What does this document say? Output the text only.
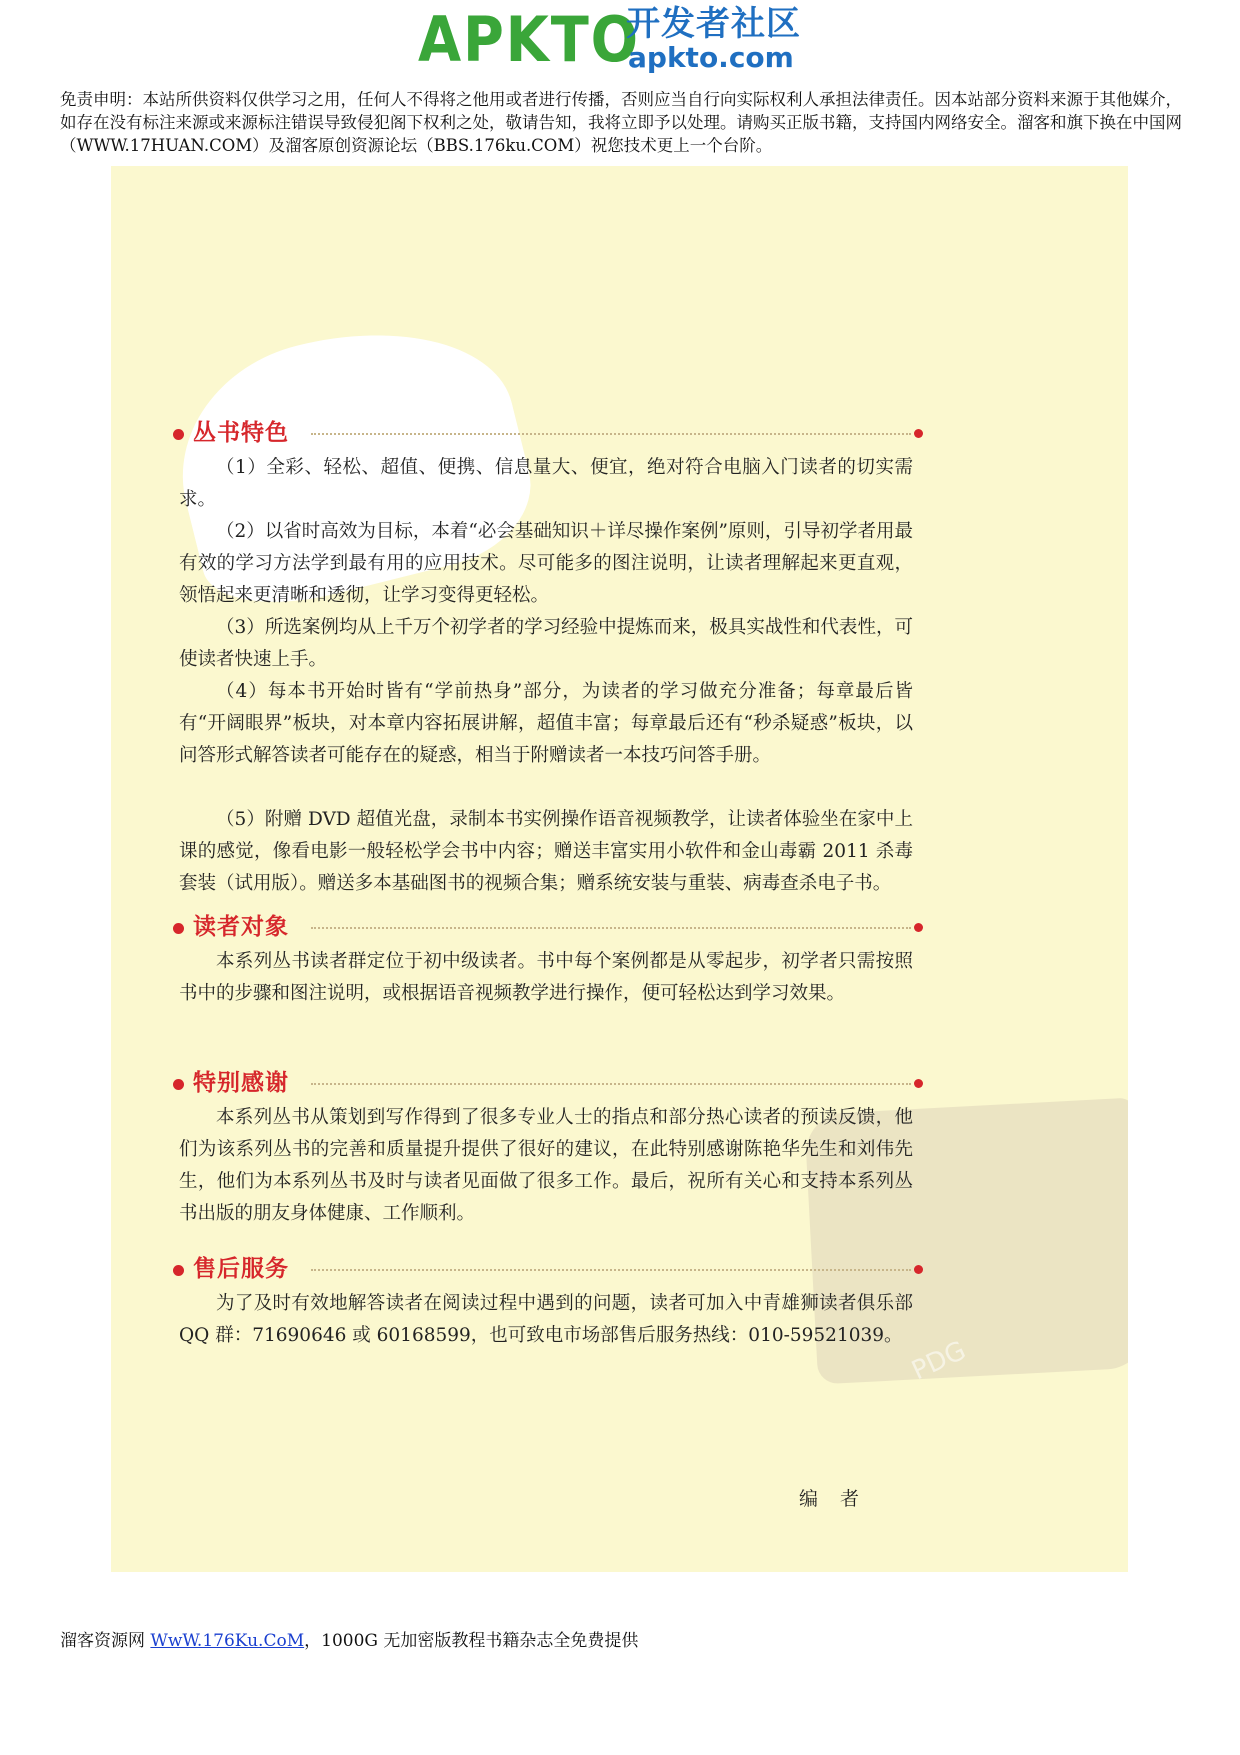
APKTO
开发者社区
apkto.com
免责申明：本站所供资料仅供学习之用，任何人不得将之他用或者进行传播，否则应当自行向实际权利人承担法律责任。因本站部分资料来源于其他媒介，如存在没有标注来源或来源标注错误导致侵犯阁下权利之处，敬请告知，我将立即予以处理。请购买正版书籍，支持国内网络安全。溜客和旗下换在中国网（WWW.17HUAN.COM）及溜客原创资源论坛（BBS.176ku.COM）祝您技术更上一个台阶。
PDG
丛书特色
（1）全彩、轻松、超值、便携、信息量大、便宜，绝对符合电脑入门读者的切实需求。
（2）以省时高效为目标，本着“必会基础知识＋详尽操作案例”原则，引导初学者用最有效的学习方法学到最有用的应用技术。尽可能多的图注说明，让读者理解起来更直观，领悟起来更清晰和透彻，让学习变得更轻松。
（3）所选案例均从上千万个初学者的学习经验中提炼而来，极具实战性和代表性，可使读者快速上手。
（4）每本书开始时皆有“学前热身”部分，为读者的学习做充分准备；每章最后皆有“开阔眼界”板块，对本章内容拓展讲解，超值丰富；每章最后还有“秒杀疑惑”板块，以问答形式解答读者可能存在的疑惑，相当于附赠读者一本技巧问答手册。
（5）附赠 DVD 超值光盘，录制本书实例操作语音视频教学，让读者体验坐在家中上课的感觉，像看电影一般轻松学会书中内容；赠送丰富实用小软件和金山毒霸 2011 杀毒套装（试用版）。赠送多本基础图书的视频合集；赠系统安装与重装、病毒查杀电子书。
读者对象
本系列丛书读者群定位于初中级读者。书中每个案例都是从零起步，初学者只需按照书中的步骤和图注说明，或根据语音视频教学进行操作，便可轻松达到学习效果。
特别感谢
本系列丛书从策划到写作得到了很多专业人士的指点和部分热心读者的预读反馈，他们为该系列丛书的完善和质量提升提供了很好的建议，在此特别感谢陈艳华先生和刘伟先生，他们为本系列丛书及时与读者见面做了很多工作。最后，祝所有关心和支持本系列丛书出版的朋友身体健康、工作顺利。
售后服务
为了及时有效地解答读者在阅读过程中遇到的问题，读者可加入中青雄狮读者俱乐部 QQ 群：71690646 或 60168599，也可致电市场部售后服务热线：010-59521039。
编者
溜客资源网 WwW.176Ku.CoM，1000G 无加密版教程书籍杂志全免费提供
